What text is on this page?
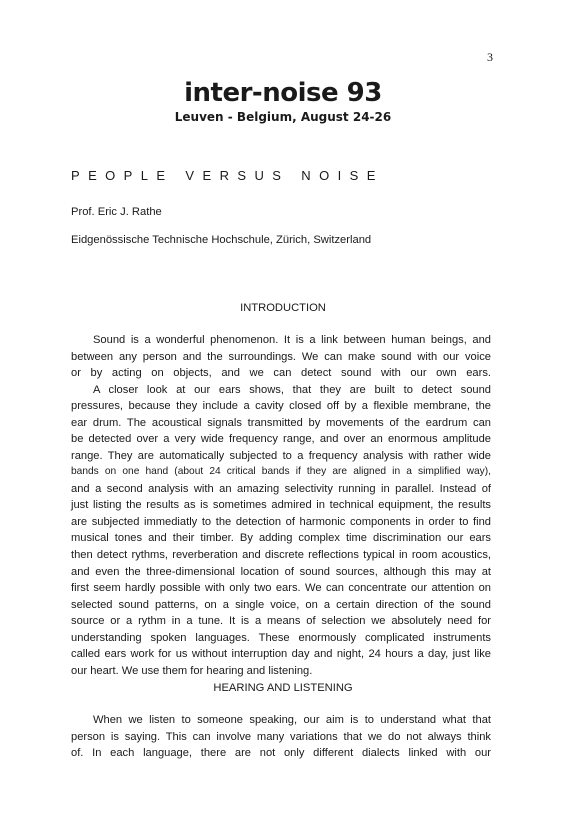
3
inter-noise 93
Leuven - Belgium, August 24-26
PEOPLE VERSUS NOISE
Prof. Eric J. Rathe
Eidgenössische Technische Hochschule, Zürich, Switzerland
INTRODUCTION
Sound is a wonderful phenomenon. It is a link between human beings, and
between any person and the surroundings. We can make sound with our voice
or by acting on objects, and we can detect sound with our own ears.
A closer look at our ears shows, that they are built to detect sound
pressures, because they include a cavity closed off by a flexible membrane, the
ear drum. The acoustical signals transmitted by movements of the eardrum can
be detected over a very wide frequency range, and over an enormous amplitude
range. They are automatically subjected to a frequency analysis with rather wide
bands on one hand (about 24 critical bands if they are aligned in a simplified way),
and a second analysis with an amazing selectivity running in parallel. Instead of
just listing the results as is sometimes admired in technical equipment, the results
are subjected immediatly to the detection of harmonic components in order to find
musical tones and their timber. By adding complex time discrimination our ears
then detect rythms, reverberation and discrete reflections typical in room acoustics,
and even the three-dimensional location of sound sources, although this may at
first seem hardly possible with only two ears. We can concentrate our attention on
selected sound patterns, on a single voice, on a certain direction of the sound
source or a rythm in a tune. It is a means of selection we absolutely need for
understanding spoken languages. These enormously complicated instruments
called ears work for us without interruption day and night, 24 hours a day, just like
our heart. We use them for hearing and listening.
HEARING AND LISTENING
When we listen to someone speaking, our aim is to understand what that
person is saying. This can involve many variations that we do not always think
of. In each language, there are not only different dialects linked with our
